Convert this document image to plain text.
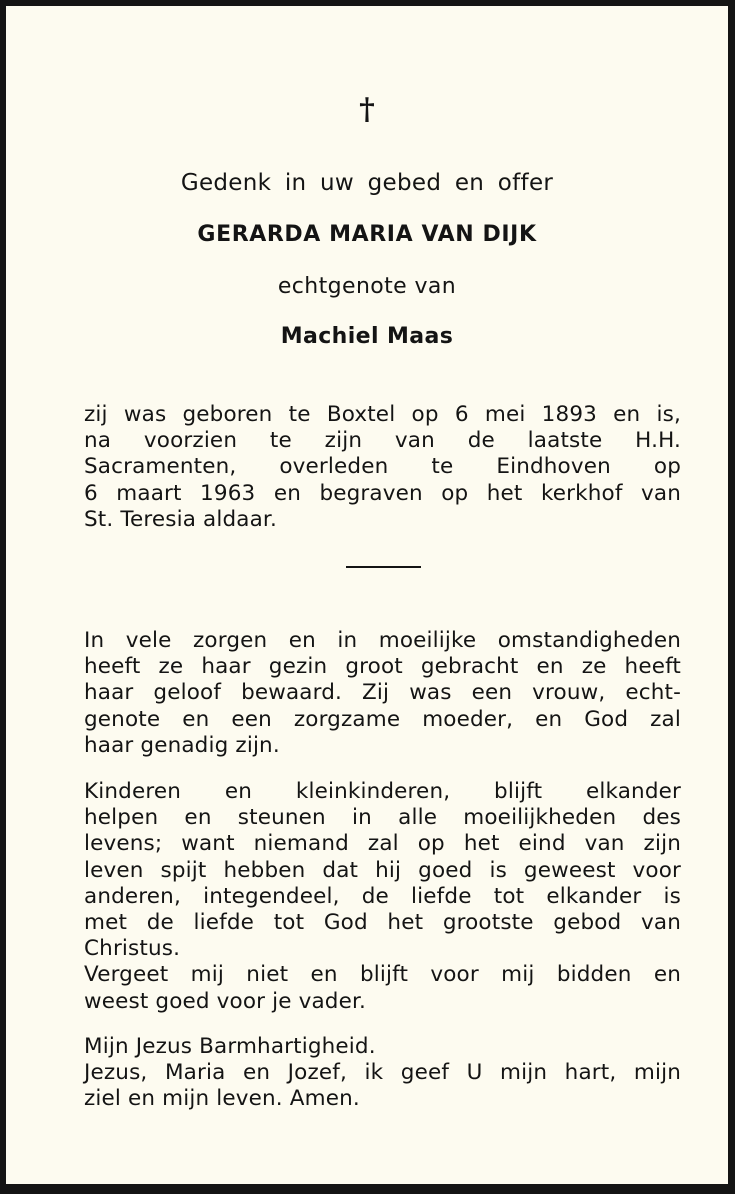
†
Gedenk in uw gebed en offer
GERARDA MARIA VAN DIJK
echtgenote van
Machiel Maas
zij was geboren te Boxtel op 6 mei 1893 en is,
na voorzien te zijn van de laatste H.H.
Sacramenten, overleden te Eindhoven op
6 maart 1963 en begraven op het kerkhof van
St. Teresia aldaar.
In vele zorgen en in moeilijke omstandigheden
heeft ze haar gezin groot gebracht en ze heeft
haar geloof bewaard. Zij was een vrouw, echt-
genote en een zorgzame moeder, en God zal
haar genadig zijn.
Kinderen en kleinkinderen, blijft elkander
helpen en steunen in alle moeilijkheden des
levens; want niemand zal op het eind van zijn
leven spijt hebben dat hij goed is geweest voor
anderen, integendeel, de liefde tot elkander is
met de liefde tot God het grootste gebod van
Christus.
Vergeet mij niet en blijft voor mij bidden en
weest goed voor je vader.
Mijn Jezus Barmhartigheid.
Jezus, Maria en Jozef, ik geef U mijn hart, mijn
ziel en mijn leven. Amen.
